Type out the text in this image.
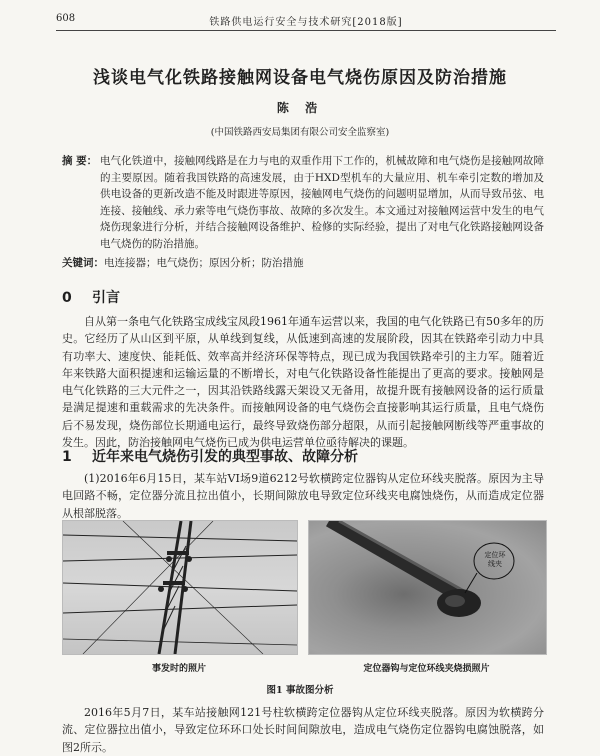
608	铁路供电运行安全与技术研究[2018版]
浅谈电气化铁路接触网设备电气烧伤原因及防治措施
陈 浩
(中国铁路西安局集团有限公司安全监察室)
摘 要： 电气化铁道中，接触网线路是在力与电的双重作用下工作的，机械故障和电气烧伤是接触网故障的主要原因。随着我国铁路的高速发展，由于HXD型机车的大量应用、机车牵引定数的增加及供电设备的更新改造不能及时跟进等原因，接触网电气烧伤的问题明显增加，从而导致吊弦、电连接、接触线、承力索等电气烧伤事故、故障的多次发生。本文通过对接触网运营中发生的电气烧伤现象进行分析，并结合接触网设备维护、检修的实际经验，提出了对电气化铁路接触网设备电气烧伤的防治措施。
关键词：电连接器；电气烧伤；原因分析；防治措施
0 引言
自从第一条电气化铁路宝成线宝凤段1961年通车运营以来，我国的电气化铁路已有50多年的历史。它经历了从山区到平原，从单线到复线，从低速到高速的发展阶段，因其在铁路牵引动力中具有功率大、速度快、能耗低、效率高并经济环保等特点，现已成为我国铁路牵引的主力军。随着近年来铁路大面积提速和运输运量的不断增长，对电气化铁路设备性能提出了更高的要求。接触网是电气化铁路的三大元件之一，因其沿铁路线露天架设又无备用，故提升既有接触网设备的运行质量是满足提速和重载需求的先决条件。而接触网设备的电气烧伤会直接影响其运行质量，且电气烧伤后不易发现，烧伤部位长期通电运行，最终导致烧伤部分超限，从而引起接触网断线等严重事故的发生。因此，防治接触网电气烧伤已成为供电运营单位亟待解决的课题。
1 近年来电气烧伤引发的典型事故、故障分析
(1)2016年6月15日，某车站VI场9道6212号软横跨定位器钩从定位环线夹脱落。原因为主导电回路不畅，定位器分流且拉出值小，长期间隙放电导致定位环线夹电腐蚀烧伤，从而造成定位器从根部脱落。
定位环线夹
事发时的照片	定位器钩与定位环线夹烧损照片
图1 事故图分析
2016年5月7日，某车站接触网121号柱软横跨定位器钩从定位环线夹脱落。原因为软横跨分流、定位器拉出值小，导致定位环环口处长时间间隙放电，造成电气烧伤定位器钩电腐蚀脱落，如图2所示。
